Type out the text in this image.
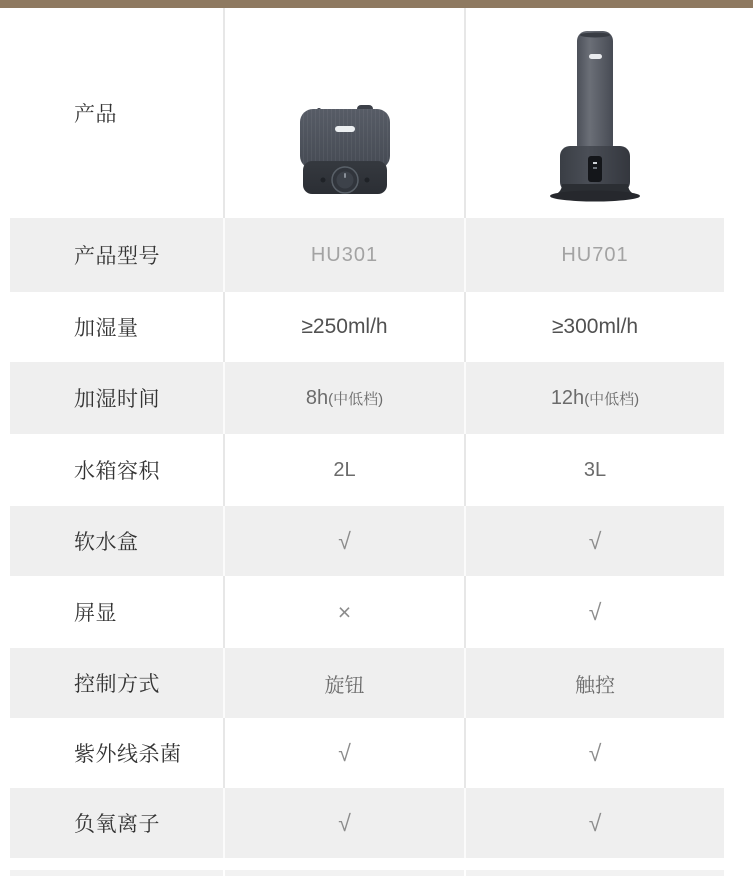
产品
产品型号	HU301	HU701
加湿量	≥250ml/h	≥300ml/h
加湿时间	8h (中低档)	12h (中低档)
水箱容积	2L	3L
软水盒	√	√
屏显	×	√
控制方式	旋钮	触控
紫外线杀菌	√	√
负氧离子	√	√
